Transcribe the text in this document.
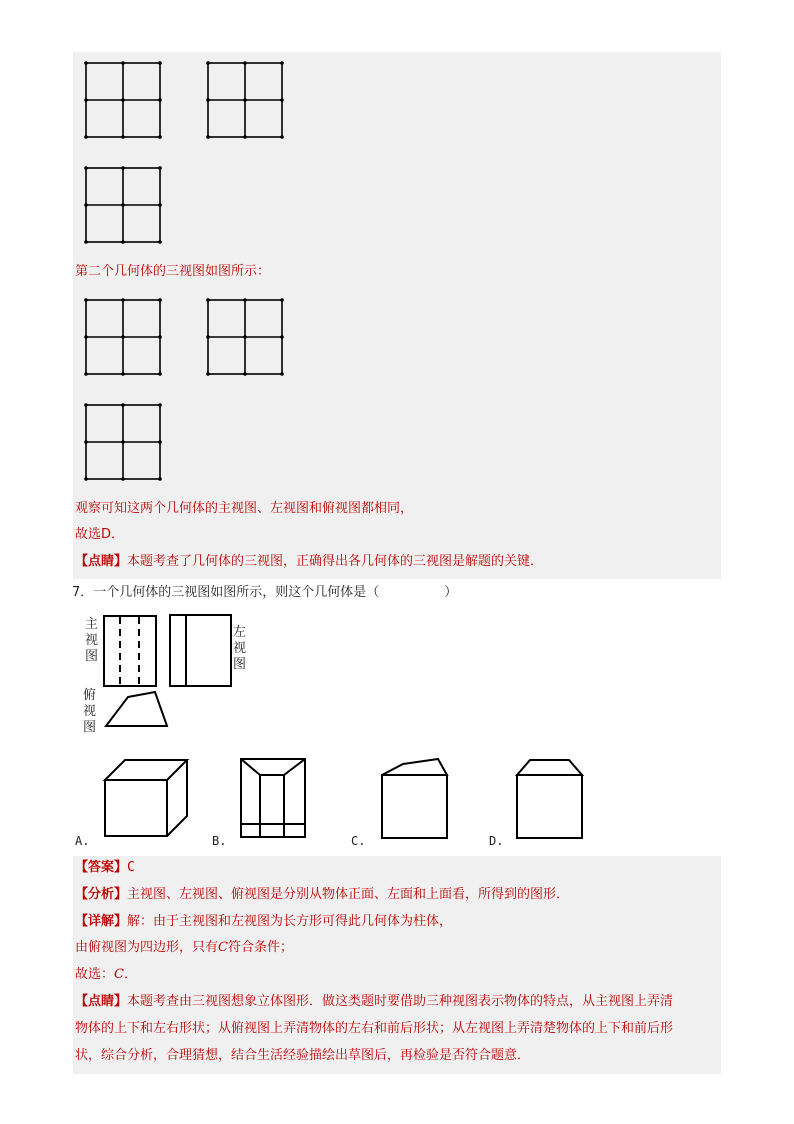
第二个几何体的三视图如图所示：
观察可知这两个几何体的主视图、左视图和俯视图都相同，
故选D．
【点睛】本题考查了几何体的三视图，正确得出各几何体的三视图是解题的关键．
7．一个几何体的三视图如图所示，则这个几何体是（　　　　　）
主
视
图
左
视
图
俯
视
图
A.	B.	C.	D.
【答案】C
【分析】主视图、左视图、俯视图是分别从物体正面、左面和上面看，所得到的图形．
【详解】解：由于主视图和左视图为长方形可得此几何体为柱体，
由俯视图为四边形，只有C符合条件；
故选：C．
【点睛】本题考查由三视图想象立体图形．做这类题时要借助三种视图表示物体的特点，从主视图上弄清
物体的上下和左右形状；从俯视图上弄清物体的左右和前后形状；从左视图上弄清楚物体的上下和前后形
状，综合分析，合理猜想，结合生活经验描绘出草图后，再检验是否符合题意．
